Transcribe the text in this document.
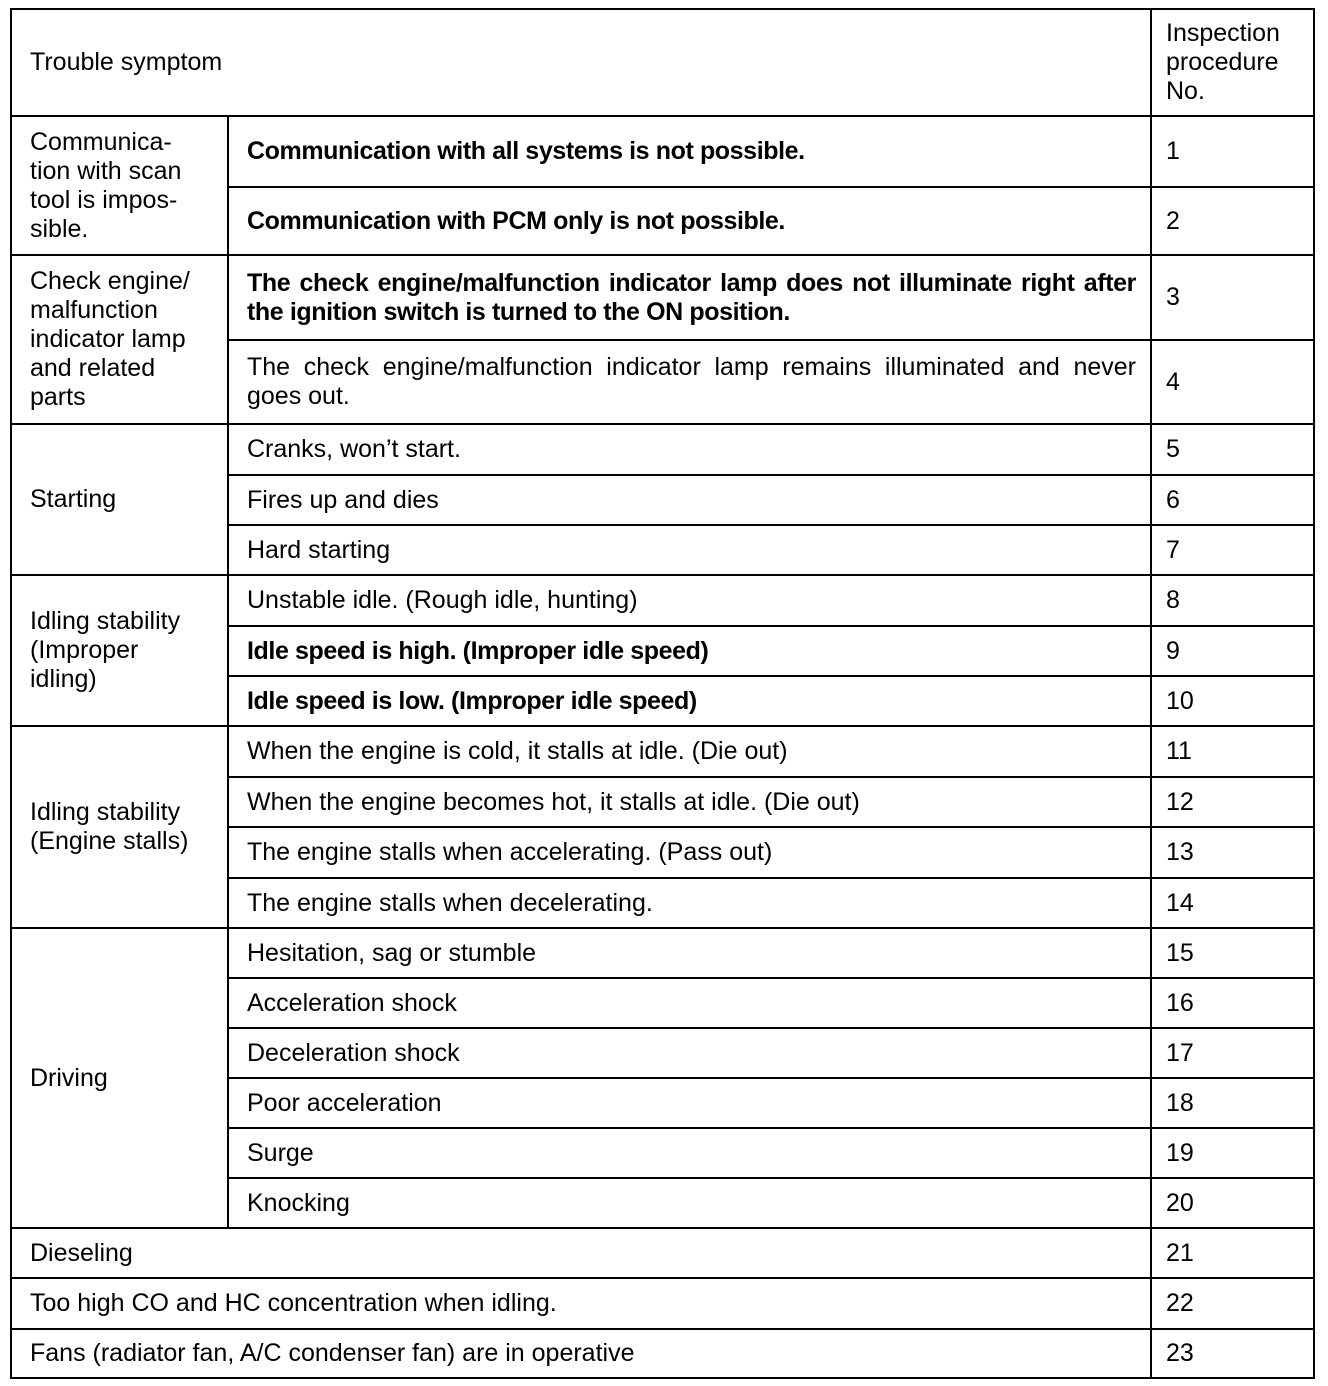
Trouble symptom		Inspection
procedure
No.

Communica-
tion with scan
tool is impos-
sible.	Communication with all systems is not possible.	1
	Communication with PCM only is not possible.	2

Check engine/
malfunction
indicator lamp
and related
parts	The check engine/malfunction indicator lamp does not illuminate right after the ignition switch is turned to the ON position.	3
	The check engine/malfunction indicator lamp remains illuminated and never goes out.	4

Starting	Cranks, won’t start.	5
	Fires up and dies	6
	Hard starting	7

Idling stability
(Improper
idling)	Unstable idle. (Rough idle, hunting)	8
	Idle speed is high. (Improper idle speed)	9
	Idle speed is low. (Improper idle speed)	10

Idling stability
(Engine stalls)	When the engine is cold, it stalls at idle. (Die out)	11
	When the engine becomes hot, it stalls at idle. (Die out)	12
	The engine stalls when accelerating. (Pass out)	13
	The engine stalls when decelerating.	14

Driving	Hesitation, sag or stumble	15
	Acceleration shock	16
	Deceleration shock	17
	Poor acceleration	18
	Surge	19
	Knocking	20
Dieseling		21
Too high CO and HC concentration when idling.		22
Fans (radiator fan, A/C condenser fan) are in operative		23
